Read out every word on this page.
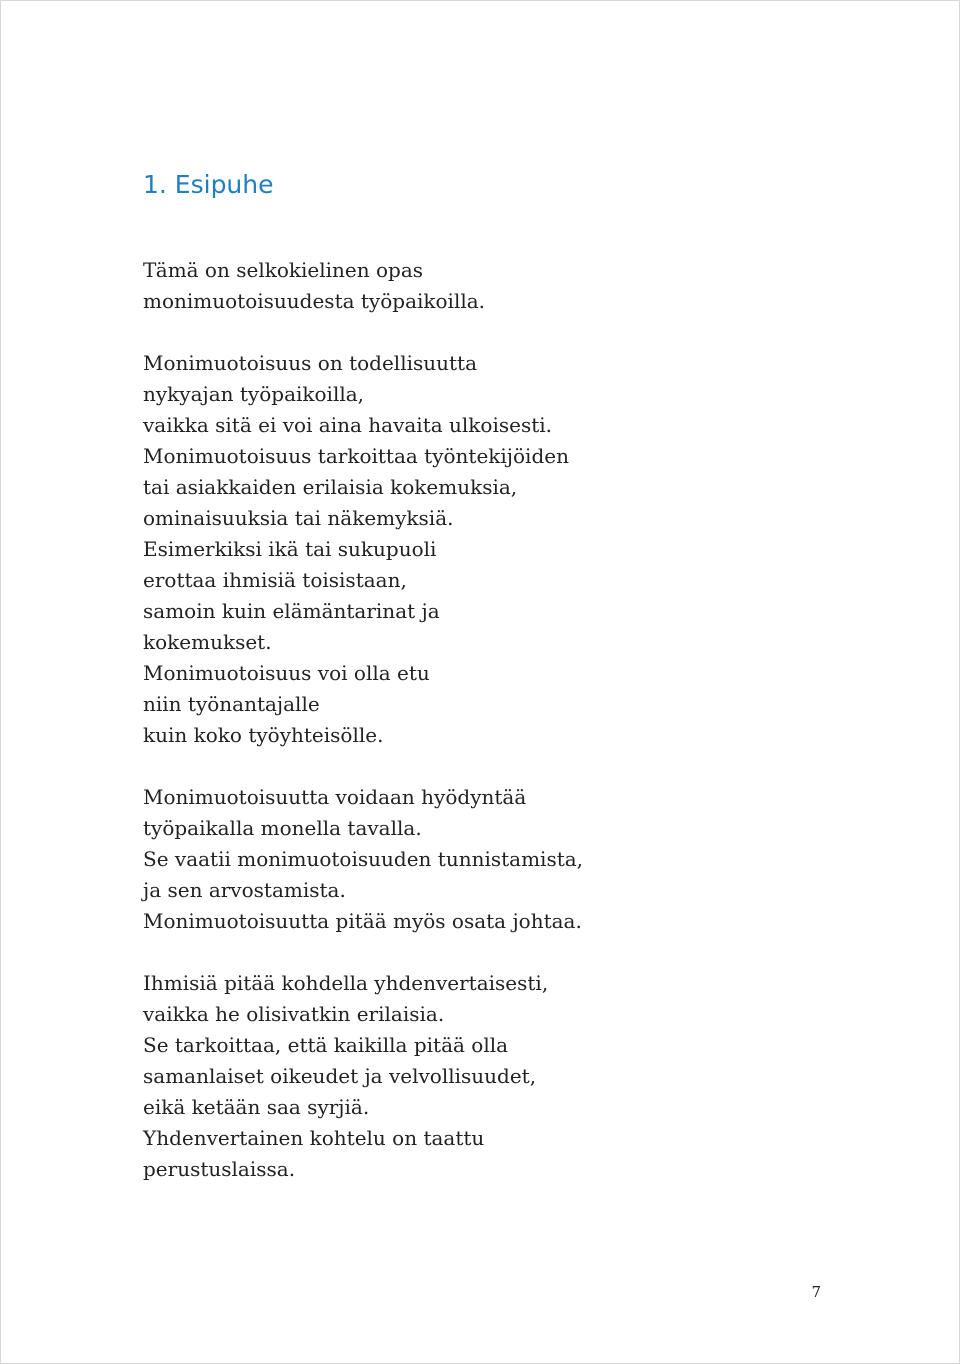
1. Esipuhe

Tämä on selkokielinen opas
monimuotoisuudesta työpaikoilla.

Monimuotoisuus on todellisuutta
nykyajan työpaikoilla,
vaikka sitä ei voi aina havaita ulkoisesti.
Monimuotoisuus tarkoittaa työntekijöiden
tai asiakkaiden erilaisia kokemuksia,
ominaisuuksia tai näkemyksiä.
Esimerkiksi ikä tai sukupuoli
erottaa ihmisiä toisistaan,
samoin kuin elämäntarinat ja
kokemukset.
Monimuotoisuus voi olla etu
niin työnantajalle
kuin koko työyhteisölle.

Monimuotoisuutta voidaan hyödyntää
työpaikalla monella tavalla.
Se vaatii monimuotoisuuden tunnistamista,
ja sen arvostamista.
Monimuotoisuutta pitää myös osata johtaa.

Ihmisiä pitää kohdella yhdenvertaisesti,
vaikka he olisivatkin erilaisia.
Se tarkoittaa, että kaikilla pitää olla
samanlaiset oikeudet ja velvollisuudet,
eikä ketään saa syrjiä.
Yhdenvertainen kohtelu on taattu
perustuslaissa.

7
